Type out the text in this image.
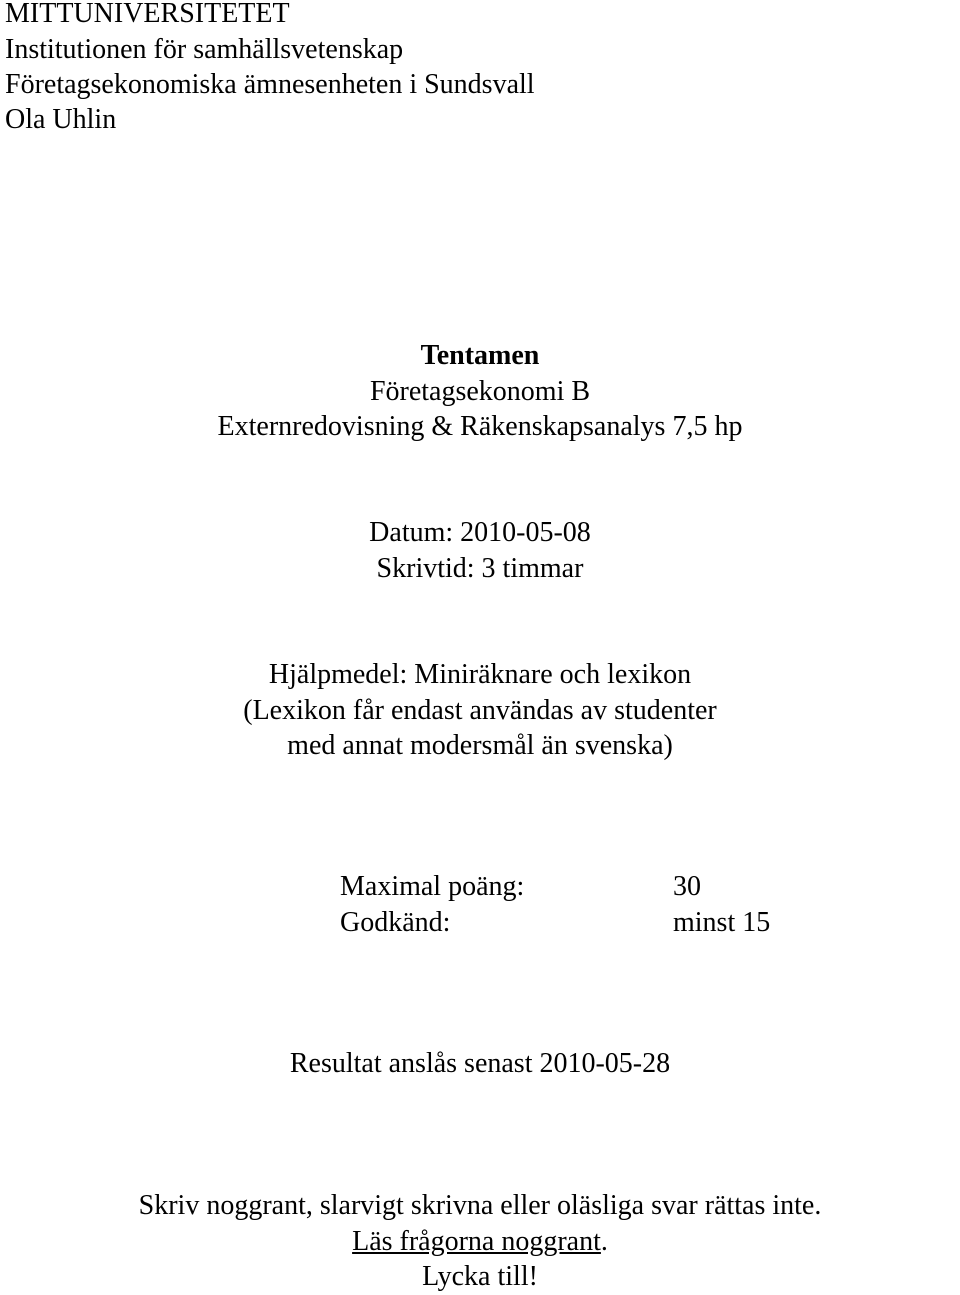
MITTUNIVERSITETET
Institutionen för samhällsvetenskap
Företagsekonomiska ämnesenheten i Sundsvall
Ola Uhlin
Tentamen
Företagsekonomi B
Externredovisning & Räkenskapsanalys 7,5 hp
Datum: 2010-05-08
Skrivtid: 3 timmar
Hjälpmedel: Miniräknare och lexikon
(Lexikon får endast användas av studenter
med annat modersmål än svenska)
Maximal poäng:	30
Godkänd:	minst 15
Resultat anslås senast 2010-05-28
Skriv noggrant, slarvigt skrivna eller oläsliga svar rättas inte.
Läs frågorna noggrant.
Lycka till!
